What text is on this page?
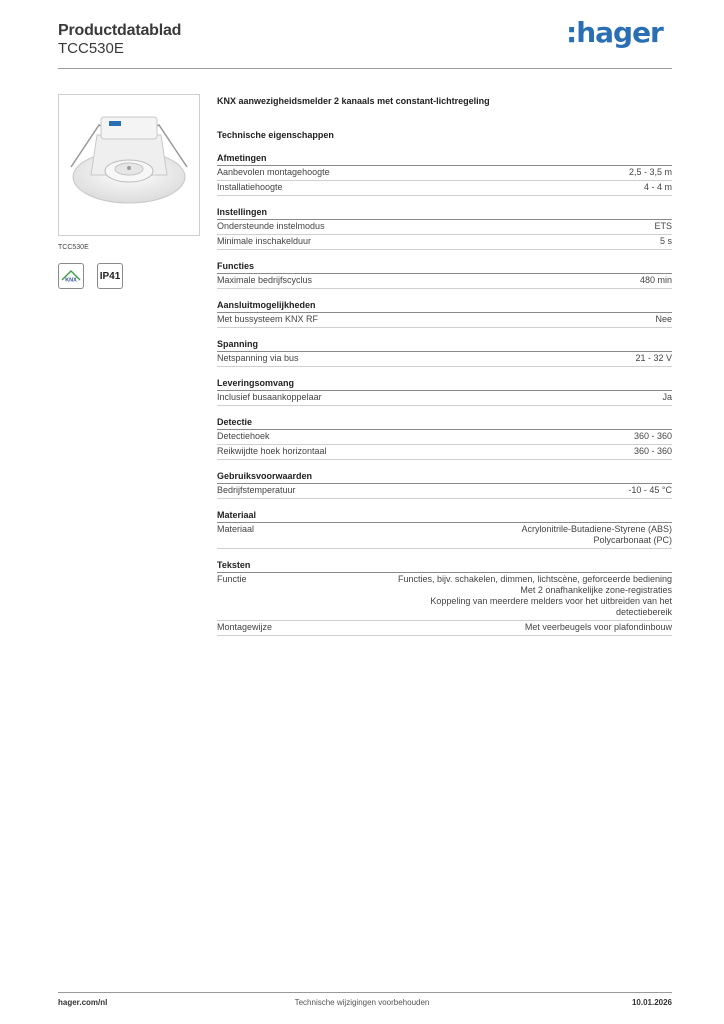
Productdatablad
TCC530E	:hager
TCC530E
KNX IP41
KNX aanwezigheidsmelder 2 kanaals met constant-lichtregeling
Technische eigenschappen
Afmetingen
Aanbevolen montagehoogte	2,5 - 3,5 m
Installatiehoogte	4 - 4 m
Instellingen
Ondersteunde instelmodus	ETS
Minimale inschakelduur	5 s
Functies
Maximale bedrijfscyclus	480 min
Aansluitmogelijkheden
Met bussysteem KNX RF	Nee
Spanning
Netspanning via bus	21 - 32 V
Leveringsomvang
Inclusief busaankoppelaar	Ja
Detectie
Detectiehoek	360 - 360
Reikwijdte hoek horizontaal	360 - 360
Gebruiksvoorwaarden
Bedrijfstemperatuur	-10 - 45 °C
Materiaal
Materiaal	Acrylonitrile-Butadiene-Styrene (ABS)
Polycarbonaat (PC)
Teksten
Functie	Functies, bijv. schakelen, dimmen, lichtscène, geforceerde bediening
Met 2 onafhankelijke zone-registraties
Koppeling van meerdere melders voor het uitbreiden van het
detectiebereik
Montagewijze	Met veerbeugels voor plafondinbouw
hager.com/nl	Technische wijzigingen voorbehouden	10.01.2026
